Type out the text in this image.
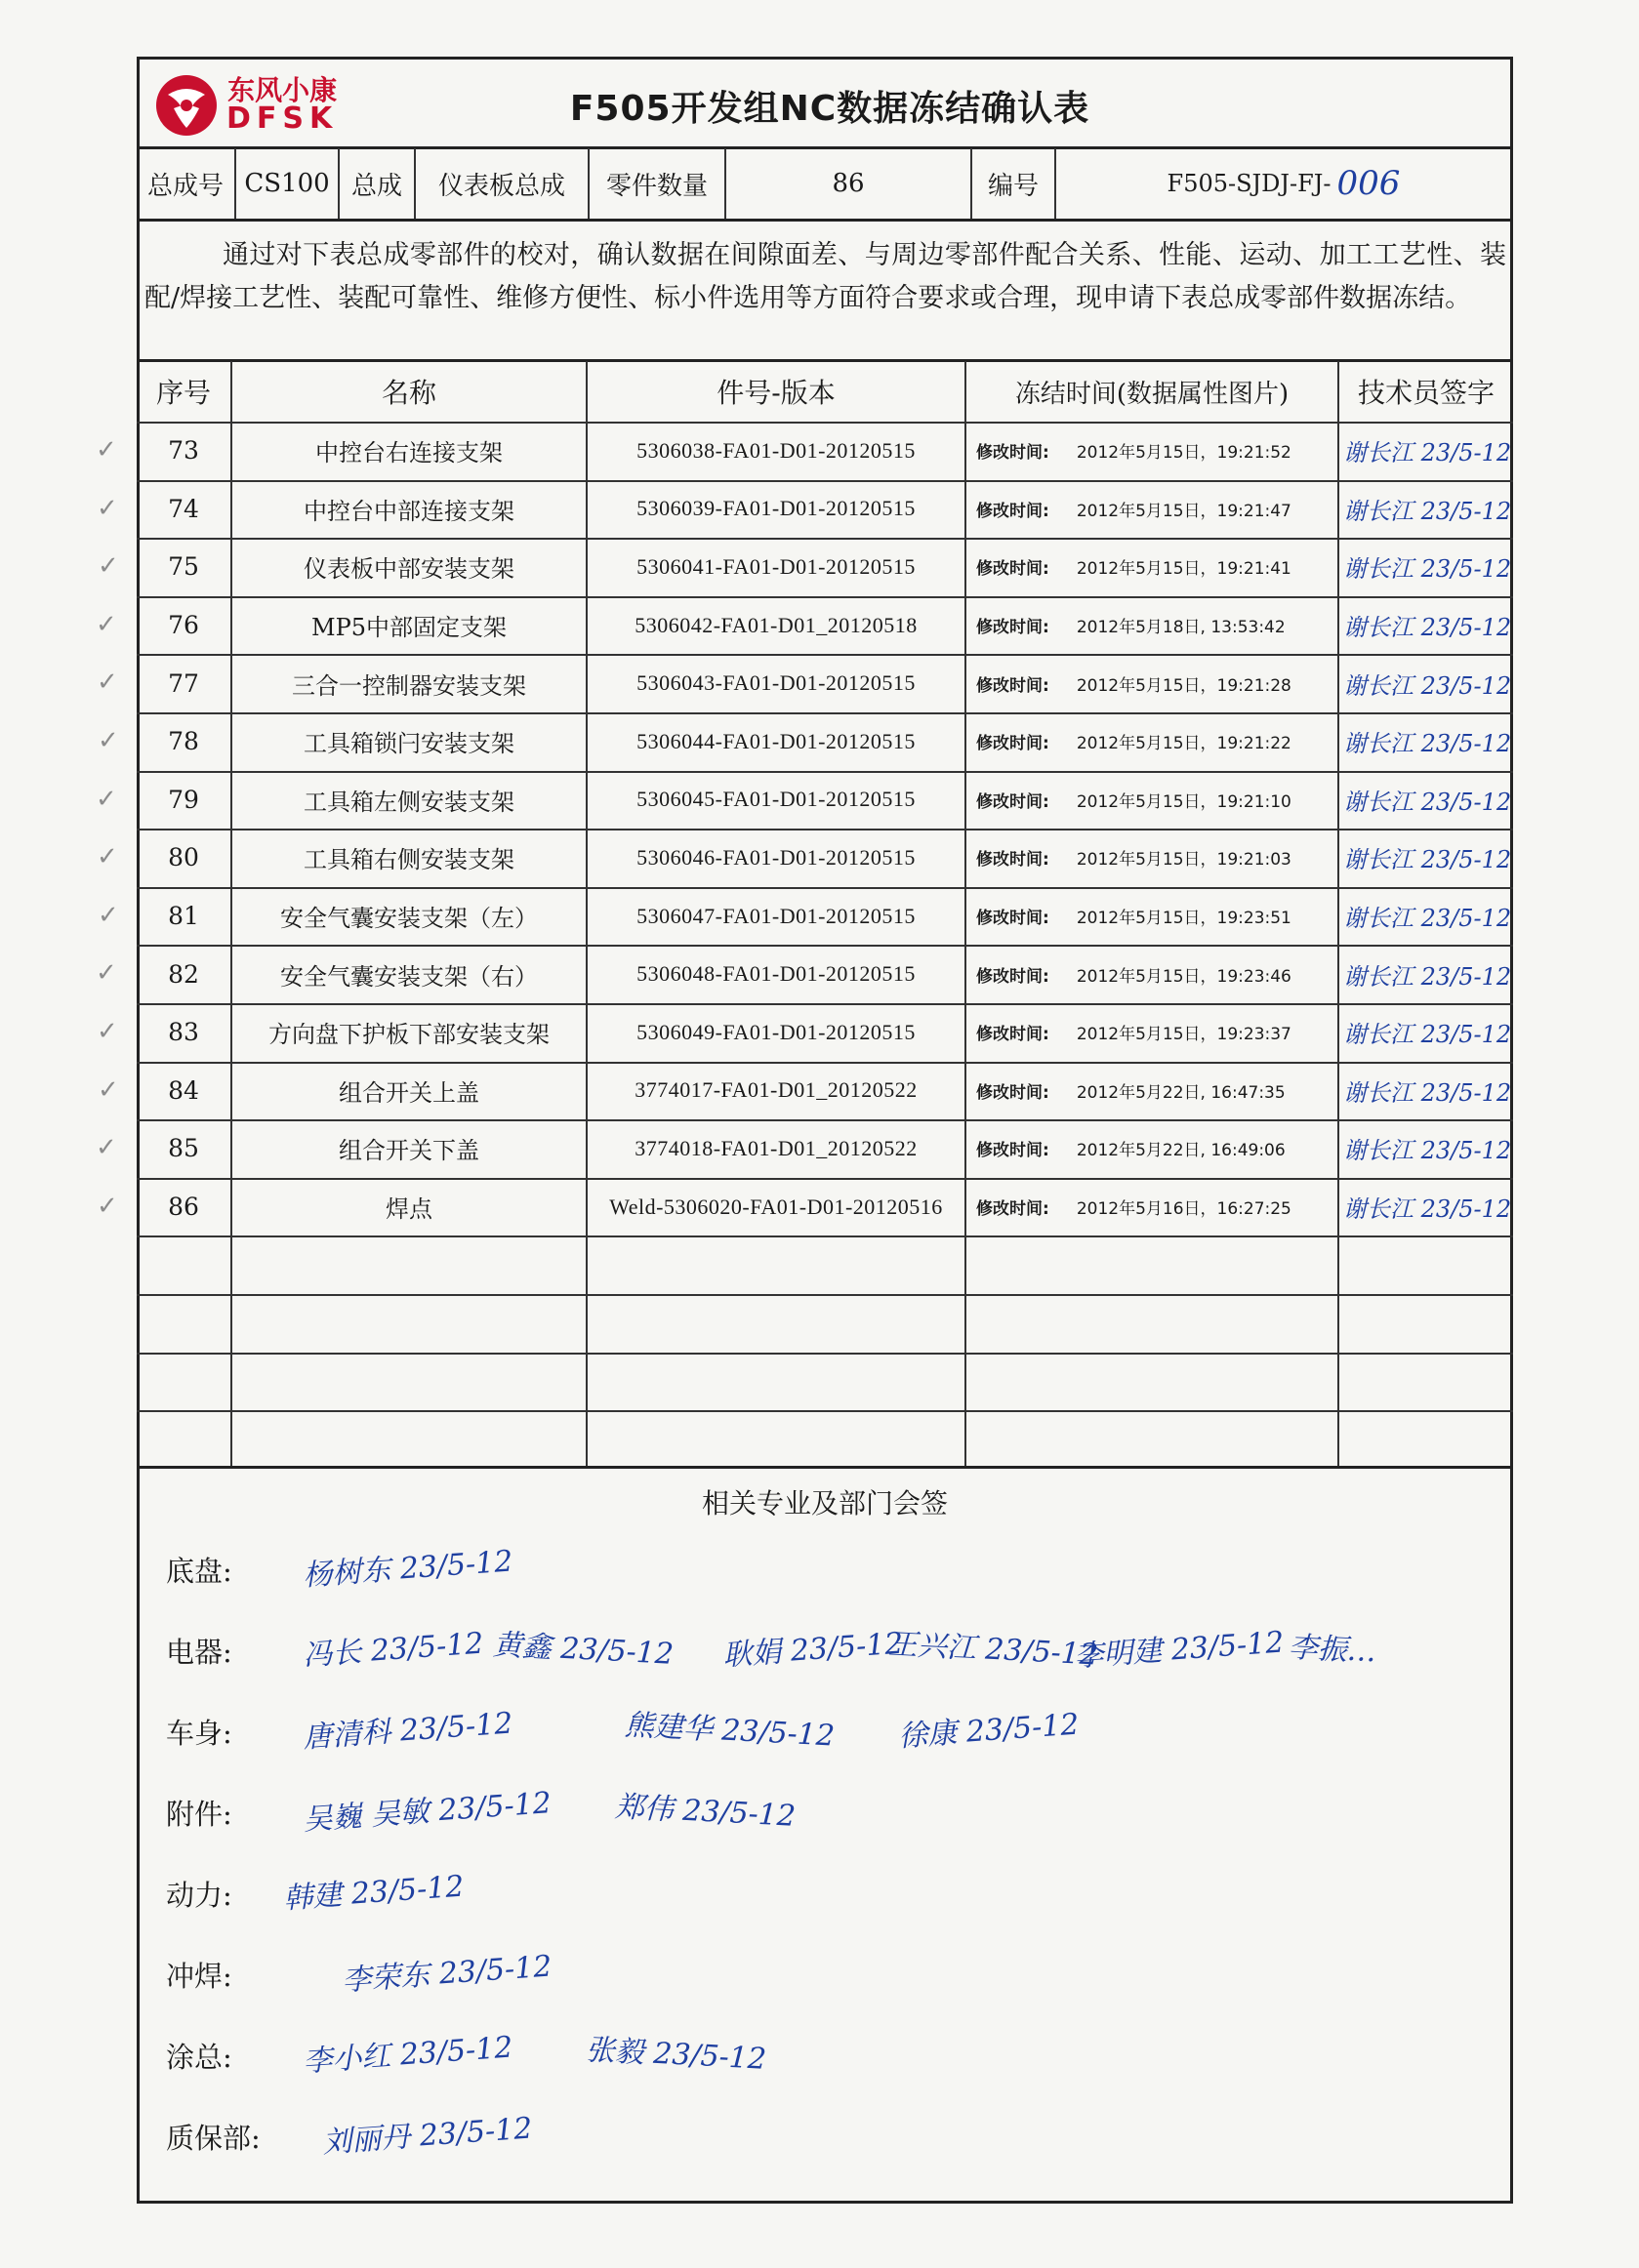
东风小康
DFSK	F505开发组NC数据冻结确认表
总成号 CS100 总成	仪表板总成	零件数量	86	编号	F505-SJDJ-FJ- 006
通过对下表总成零部件的校对，确认数据在间隙面差、与周边零部件配合关系、性能、运动、加工工艺性、装配/焊接工艺性、装配可靠性、维修方便性、标小件选用等方面符合要求或合理，现申请下表总成零部件数据冻结。
序号	名称	件号-版本	冻结时间(数据属性图片)	技术员签字
73	中控台右连接支架	5306038-FA01-D01-20120515	修改时间: 2012年5月15日，19:21:52 谢长江 23/5-12
74	中控台中部连接支架	5306039-FA01-D01-20120515	修改时间: 2012年5月15日，19:21:47 谢长江 23/5-12
75	仪表板中部安装支架	5306041-FA01-D01-20120515	修改时间: 2012年5月15日，19:21:41 谢长江 23/5-12
76	MP5中部固定支架	5306042-FA01-D01_20120518	修改时间: 2012年5月18日, 13:53:42 谢长江 23/5-12
77	三合一控制器安装支架	5306043-FA01-D01-20120515	修改时间: 2012年5月15日，19:21:28 谢长江 23/5-12
78	工具箱锁闩安装支架	5306044-FA01-D01-20120515	修改时间: 2012年5月15日，19:21:22 谢长江 23/5-12
79	工具箱左侧安装支架	5306045-FA01-D01-20120515	修改时间: 2012年5月15日，19:21:10 谢长江 23/5-12
80	工具箱右侧安装支架	5306046-FA01-D01-20120515	修改时间: 2012年5月15日，19:21:03 谢长江 23/5-12
81	安全气囊安装支架（左）	5306047-FA01-D01-20120515	修改时间: 2012年5月15日，19:23:51 谢长江 23/5-12
82	安全气囊安装支架（右）	5306048-FA01-D01-20120515	修改时间: 2012年5月15日，19:23:46 谢长江 23/5-12
83	方向盘下护板下部安装支架	5306049-FA01-D01-20120515	修改时间: 2012年5月15日，19:23:37 谢长江 23/5-12
84	组合开关上盖	3774017-FA01-D01_20120522	修改时间: 2012年5月22日, 16:47:35 谢长江 23/5-12
85	组合开关下盖	3774018-FA01-D01_20120522	修改时间: 2012年5月22日, 16:49:06 谢长江 23/5-12
86	焊点	Weld-5306020-FA01-D01-20120516	修改时间: 2012年5月16日，16:27:25 谢长江 23/5-12
相关专业及部门会签
底盘: 杨树东 23/5-12
电器: 冯长 23/5-12 黄鑫 23/5-12 耿娟 23/5-12
王兴江 23/5-12
李明建 23/5-12 李振…
车身: 唐清科 23/5-12	熊建华 23/5-12 徐康 23/5-12
附件: 吴巍 吴敏 23/5-12 郑伟 23/5-12
动力: 韩建 23/5-12
冲焊:	李荣东 23/5-12
涂总: 李小红 23/5-12 张毅 23/5-12
质保部: 刘丽丹 23/5-12
✓
✓
✓
✓
✓
✓
✓
✓
✓
✓
✓
✓
✓
✓
